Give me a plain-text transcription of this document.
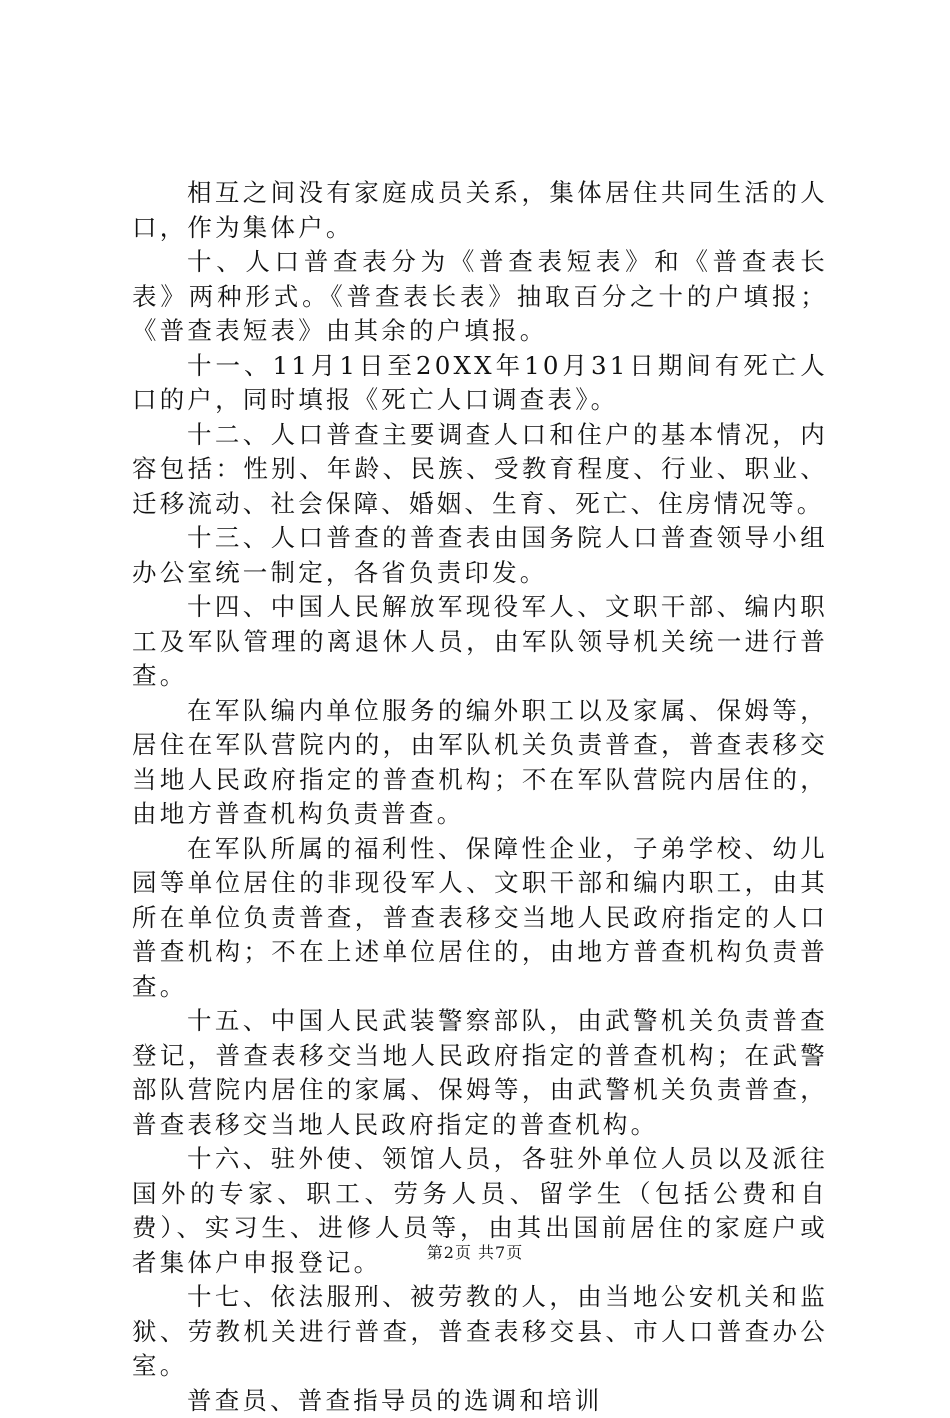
相互之间没有家庭成员关系，集体居住共同生活的人口，作为集体户。

十、人口普查表分为《普查表短表》和《普查表长表》两种形式。《普查表长表》抽取百分之十的户填报；《普查表短表》由其余的户填报。

十一、11月1日至20XX年10月31日期间有死亡人口的户，同时填报《死亡人口调查表》。

十二、人口普查主要调查人口和住户的基本情况，内容包括：性别、年龄、民族、受教育程度、行业、职业、迁移流动、社会保障、婚姻、生育、死亡、住房情况等。

十三、人口普查的普查表由国务院人口普查领导小组办公室统一制定，各省负责印发。

十四、中国人民解放军现役军人、文职干部、编内职工及军队管理的离退休人员，由军队领导机关统一进行普查。

在军队编内单位服务的编外职工以及家属、保姆等，居住在军队营院内的，由军队机关负责普查，普查表移交当地人民政府指定的普查机构；不在军队营院内居住的，由地方普查机构负责普查。

在军队所属的福利性、保障性企业，子弟学校、幼儿园等单位居住的非现役军人、文职干部和编内职工，由其所在单位负责普查，普查表移交当地人民政府指定的人口普查机构；不在上述单位居住的，由地方普查机构负责普查。

十五、中国人民武装警察部队，由武警机关负责普查登记，普查表移交当地人民政府指定的普查机构；在武警部队营院内居住的家属、保姆等，由武警机关负责普查，普查表移交当地人民政府指定的普查机构。

十六、驻外使、领馆人员，各驻外单位人员以及派往国外的专家、职工、劳务人员、留学生（包括公费和自费）、实习生、进修人员等，由其出国前居住的家庭户或者集体户申报登记。

十七、依法服刑、被劳教的人，由当地公安机关和监狱、劳教机关进行普查，普查表移交县、市人口普查办公室。

普查员、普查指导员的选调和培训

第2页 共7页
